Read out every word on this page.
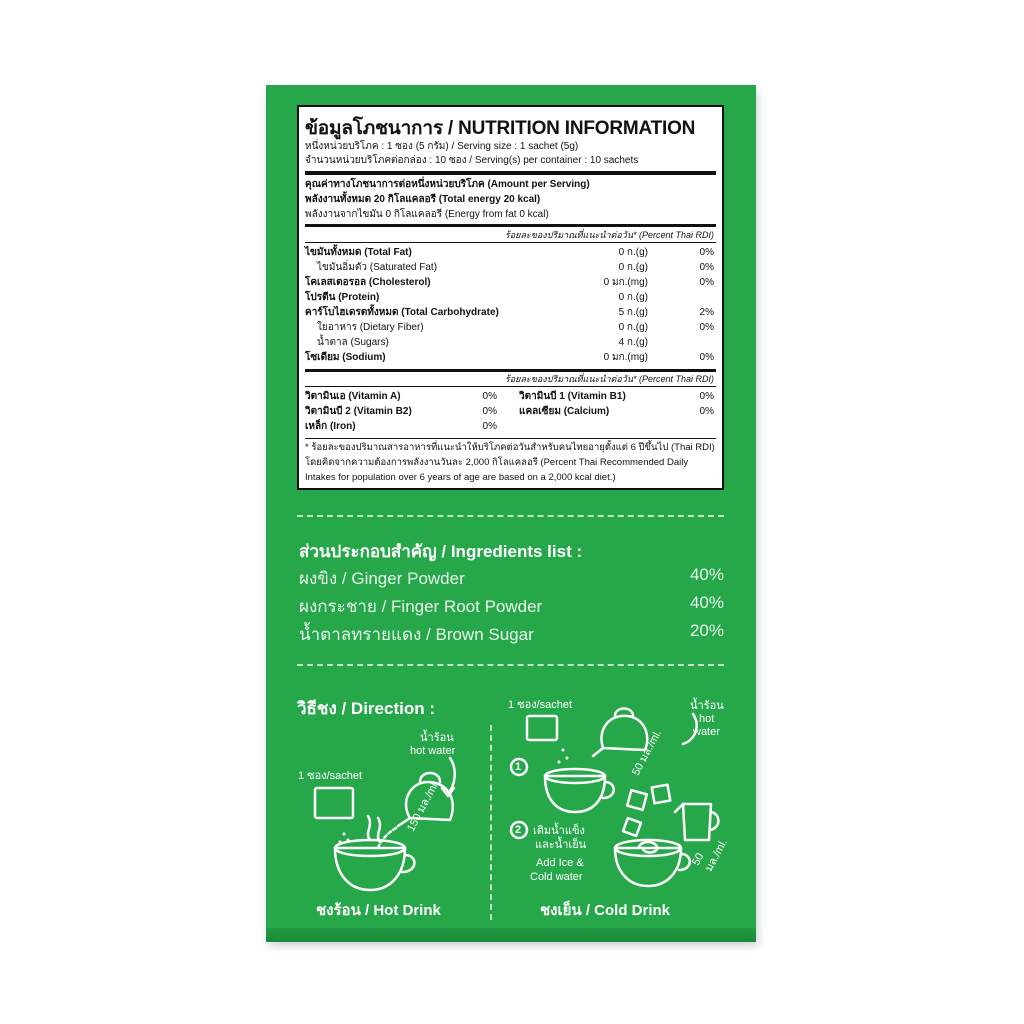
ข้อมูลโภชนาการ / NUTRITION INFORMATION
หนึ่งหน่วยบริโภค : 1 ซอง (5 กรัม) / Serving size : 1 sachet (5g)
จำนวนหน่วยบริโภคต่อกล่อง : 10 ซอง / Serving(s) per container : 10 sachets
คุณค่าทางโภชนาการต่อหนึ่งหน่วยบริโภค (Amount per Serving)
พลังงานทั้งหมด 20 กิโลแคลอรี (Total energy 20 kcal)
พลังงานจากไขมัน 0 กิโลแคลอรี (Energy from fat 0 kcal)
ร้อยละของปริมาณที่แนะนำต่อวัน* (Percent Thai RDI)
ไขมันทั้งหมด (Total Fat)	0 ก.(g)	0%
ไขมันอิ่มตัว (Saturated Fat)	0 ก.(g)	0%
โคเลสเตอรอล (Cholesterol)	0 มก.(mg)	0%
โปรตีน (Protein)	0 ก.(g)
คาร์โบไฮเดรตทั้งหมด (Total Carbohydrate)	5 ก.(g)	2%
ใยอาหาร (Dietary Fiber)	0 ก.(g)	0%
น้ำตาล (Sugars)	4 ก.(g)
โซเดียม (Sodium)	0 มก.(mg)	0%
ร้อยละของปริมาณที่แนะนำต่อวัน* (Percent Thai RDI)
วิตามินเอ (Vitamin A)	0% วิตามินบี 1 (Vitamin B1)	0%
วิตามินบี 2 (Vitamin B2)	0% แคลเซียม (Calcium)	0%
เหล็ก (Iron)	0%
* ร้อยละของปริมาณสารอาหารที่แนะนำให้บริโภคต่อวันสำหรับคนไทยอายุตั้งแต่ 6 ปีขึ้นไป (Thai RDI)
โดยคิดจากความต้องการพลังงานวันละ 2,000 กิโลแคลอรี (Percent Thai Recommended Daily
Intakes for population over 6 years of age are based on a 2,000 kcal diet.)
ส่วนประกอบสำคัญ / Ingredients list :
ผงขิง / Ginger Powder	40%
ผงกระชาย / Finger Root Powder	40%
น้ำตาลทรายแดง / Brown Sugar	20%
วิธีชง / Direction :
1 ซอง/sachet
น้ำร้อน
hot water
150 มล./ml.
ชงร้อน / Hot Drink
1 ซอง/sachet	น้ำร้อน
hot
water
1	50 มล./ml.
2 เติมน้ำแข็ง
และน้ำเย็น
Add Ice &
Cold water
50
มล./ml.
ชงเย็น / Cold Drink
